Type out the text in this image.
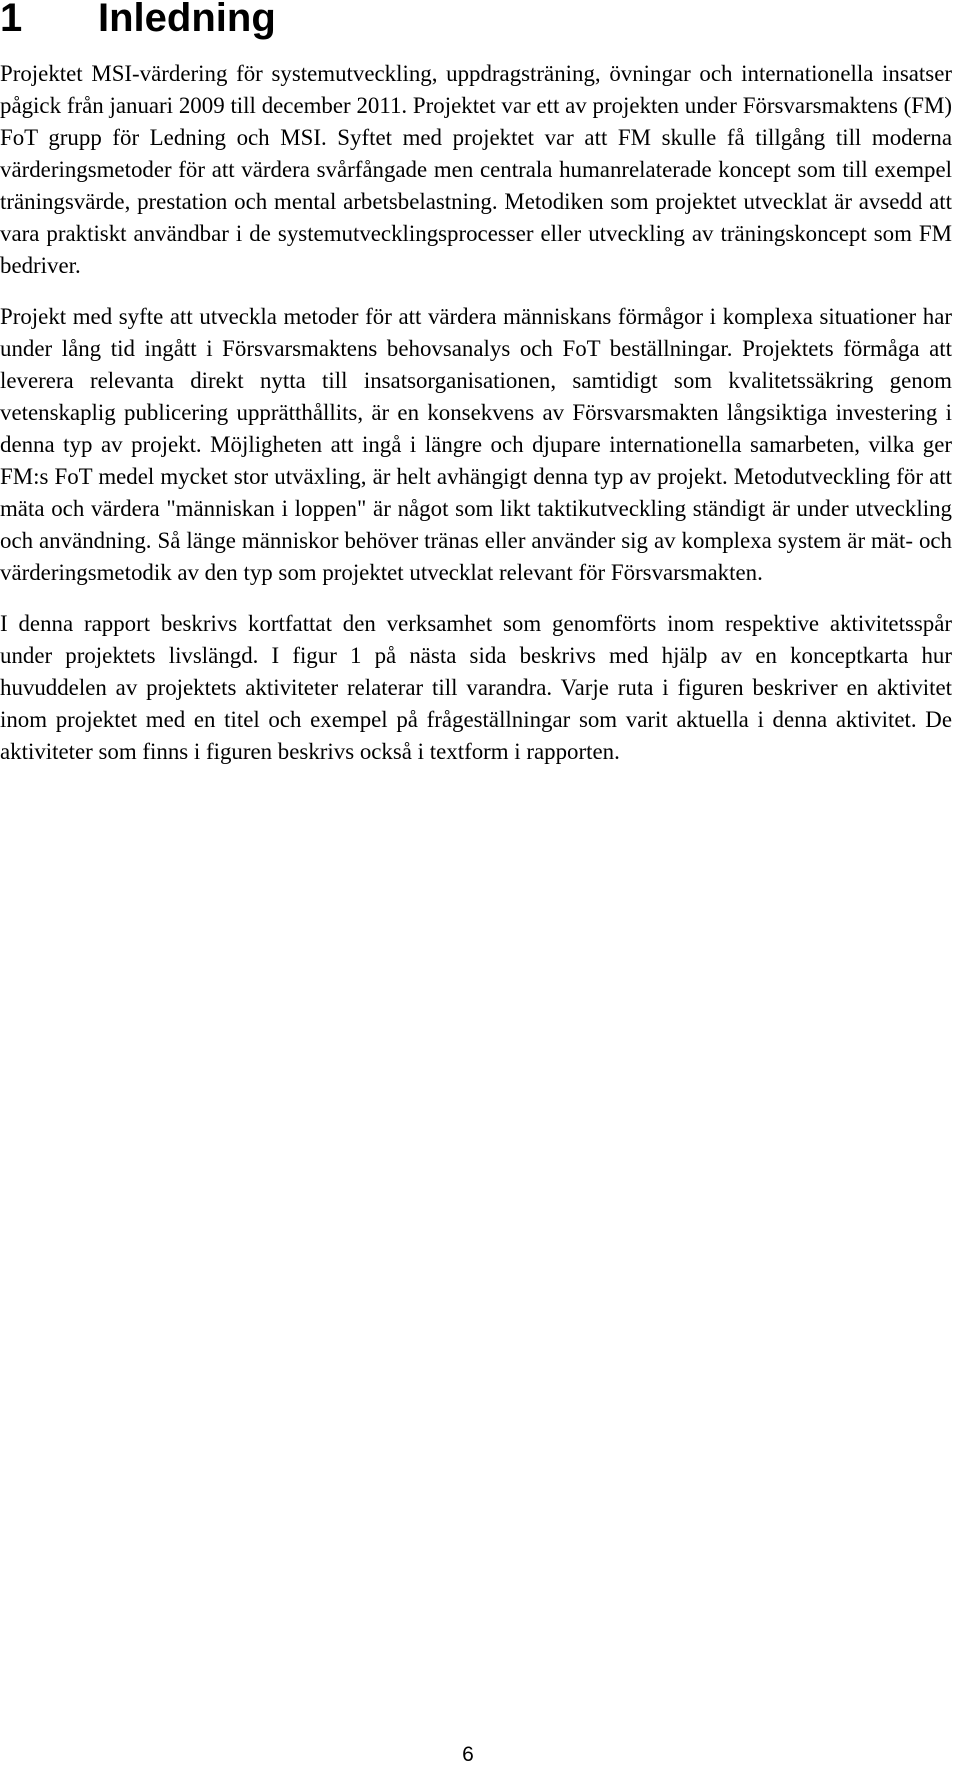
1 Inledning

Projektet MSI-värdering för systemutveckling, uppdragsträning, övningar och internationella insatser pågick från januari 2009 till december 2011. Projektet var ett av projekten under Försvarsmaktens (FM) FoT grupp för Ledning och MSI. Syftet med projektet var att FM skulle få tillgång till moderna värderingsmetoder för att värdera svårfångade men centrala humanrelaterade koncept som till exempel träningsvärde, prestation och mental arbetsbelastning. Metodiken som projektet utvecklat är avsedd att vara praktiskt användbar i de systemutvecklingsprocesser eller utveckling av träningskoncept som FM bedriver.

Projekt med syfte att utveckla metoder för att värdera människans förmågor i komplexa situationer har under lång tid ingått i Försvarsmaktens behovsanalys och FoT beställningar. Projektets förmåga att leverera relevanta direkt nytta till insatsorganisationen, samtidigt som kvalitetssäkring genom vetenskaplig publicering upprätthållits, är en konsekvens av Försvarsmakten långsiktiga investering i denna typ av projekt. Möjligheten att ingå i längre och djupare internationella samarbeten, vilka ger FM:s FoT medel mycket stor utväxling, är helt avhängigt denna typ av projekt. Metodutveckling för att mäta och värdera "människan i loppen" är något som likt taktikutveckling ständigt är under utveckling och användning. Så länge människor behöver tränas eller använder sig av komplexa system är mät- och värderingsmetodik av den typ som projektet utvecklat relevant för Försvarsmakten.

I denna rapport beskrivs kortfattat den verksamhet som genomförts inom respektive aktivitetsspår under projektets livslängd. I figur 1 på nästa sida beskrivs med hjälp av en konceptkarta hur huvuddelen av projektets aktiviteter relaterar till varandra. Varje ruta i figuren beskriver en aktivitet inom projektet med en titel och exempel på frågeställningar som varit aktuella i denna aktivitet. De aktiviteter som finns i figuren beskrivs också i textform i rapporten.

6
